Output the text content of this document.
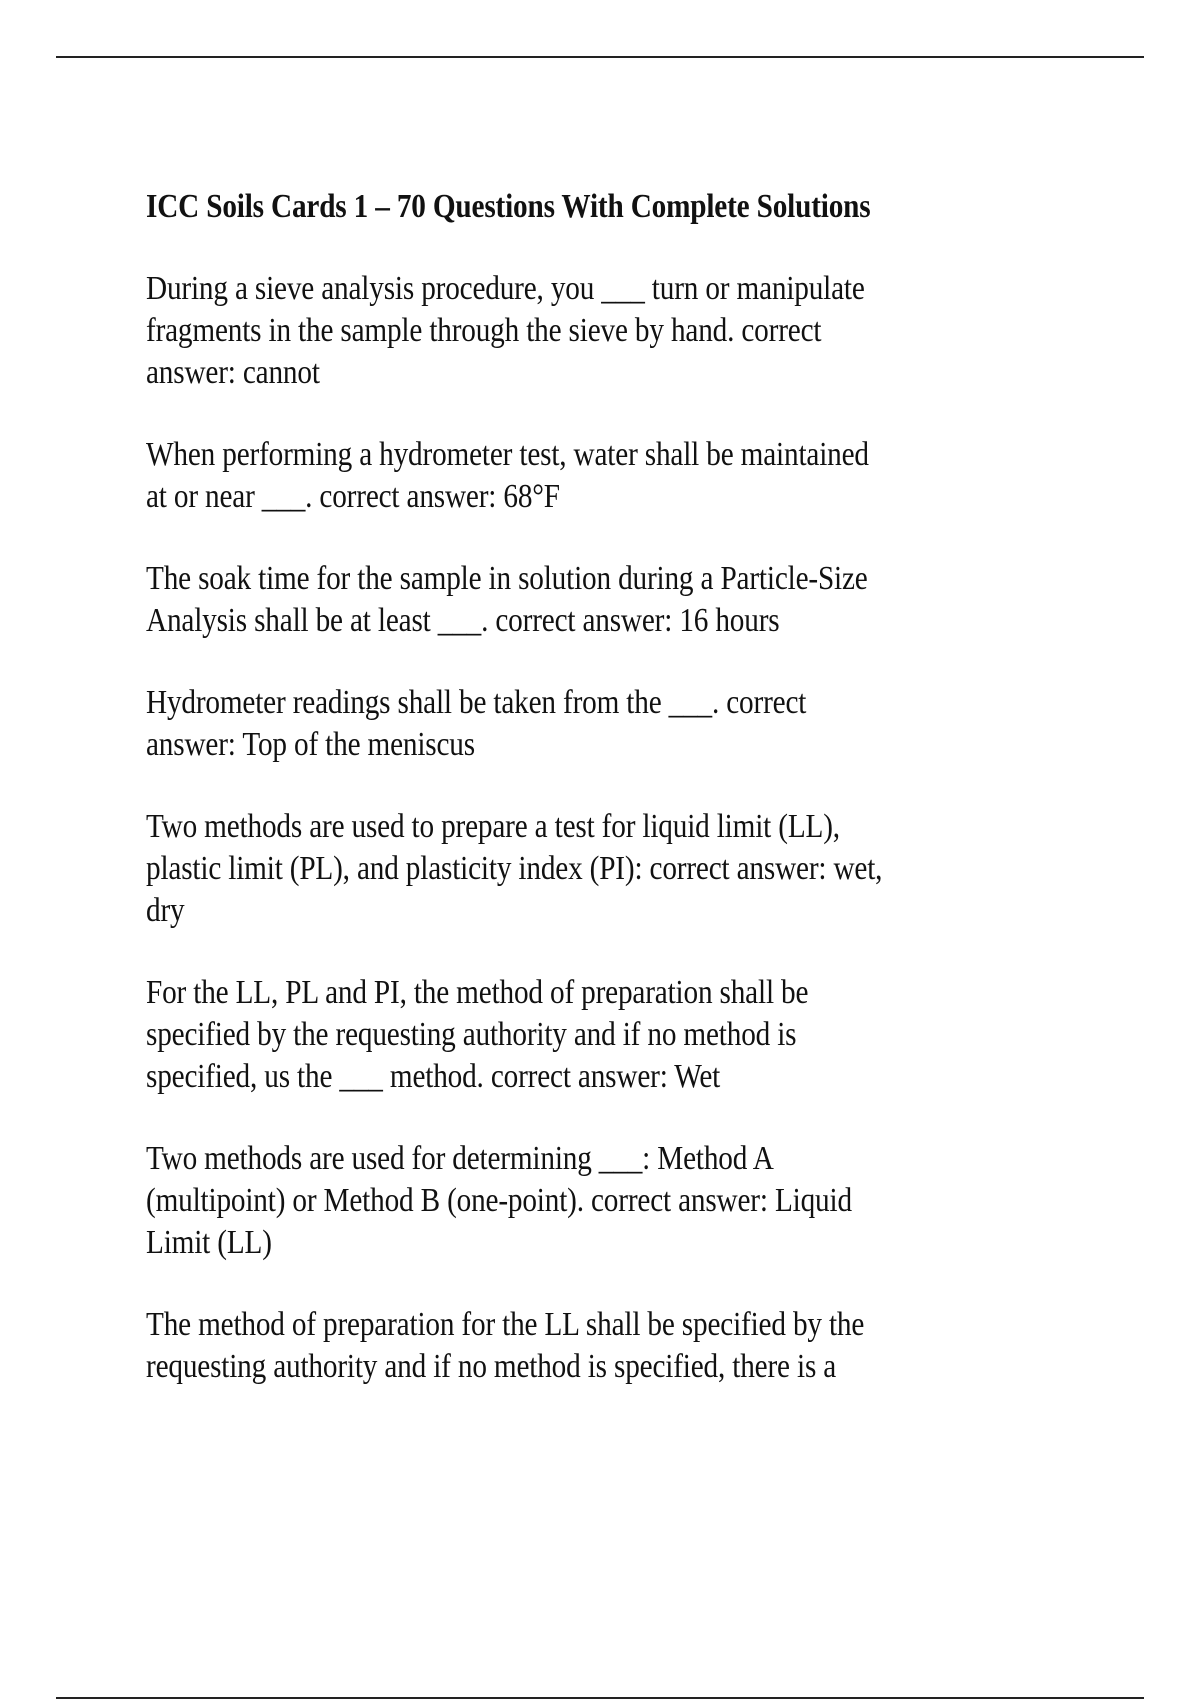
ICC Soils Cards 1 – 70 Questions With Complete Solutions
During a sieve analysis procedure, you ___ turn or manipulate
fragments in the sample through the sieve by hand. correct
answer: cannot
When performing a hydrometer test, water shall be maintained
at or near ___. correct answer: 68°F
The soak time for the sample in solution during a Particle-Size
Analysis shall be at least ___. correct answer: 16 hours
Hydrometer readings shall be taken from the ___. correct
answer: Top of the meniscus
Two methods are used to prepare a test for liquid limit (LL),
plastic limit (PL), and plasticity index (PI): correct answer: wet,
dry
For the LL, PL and PI, the method of preparation shall be
specified by the requesting authority and if no method is
specified, us the ___ method. correct answer: Wet
Two methods are used for determining ___: Method A
(multipoint) or Method B (one-point). correct answer: Liquid
Limit (LL)
The method of preparation for the LL shall be specified by the
requesting authority and if no method is specified, there is a
